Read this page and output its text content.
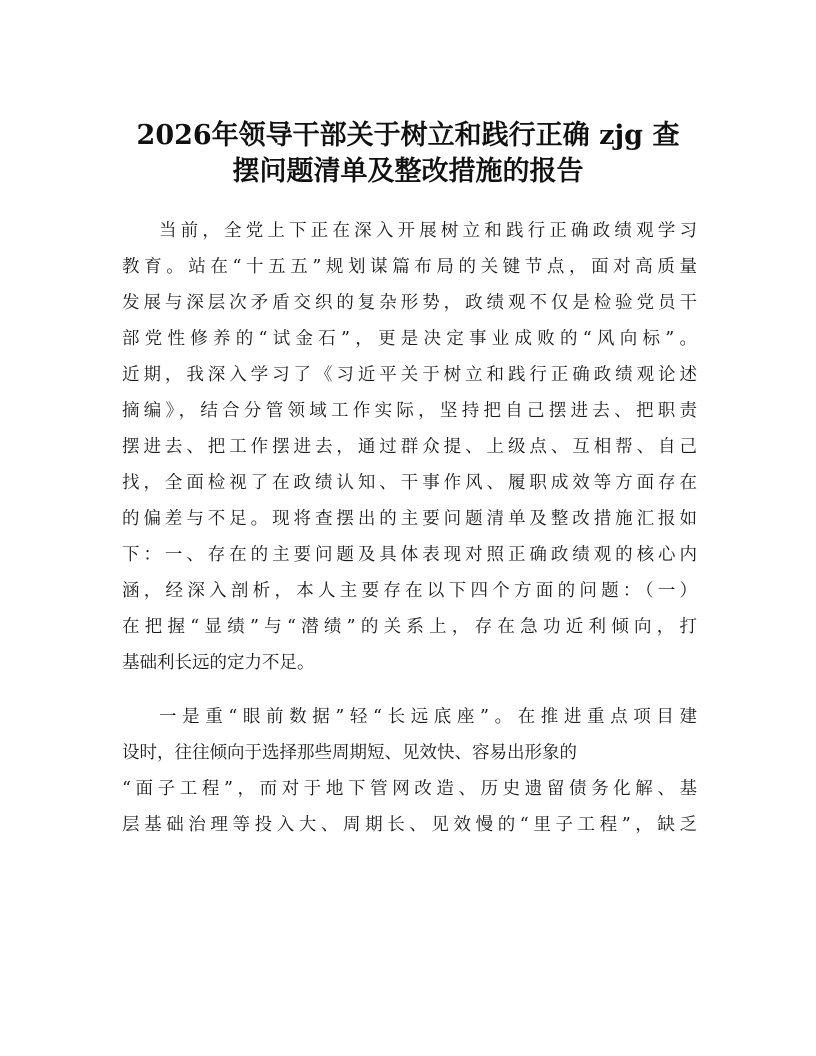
2026年领导干部关于树立和践行正确 zjg 查
摆问题清单及整改措施的报告
当前，全党上下正在深入开展树立和践行正确政绩观学习
教育。站在“十五五”规划谋篇布局的关键节点，面对高质量
发展与深层次矛盾交织的复杂形势，政绩观不仅是检验党员干
部党性修养的“试金石”，更是决定事业成败的“风向标”。
近期，我深入学习了《习近平关于树立和践行正确政绩观论述
摘编》，结合分管领域工作实际，坚持把自己摆进去、把职责
摆进去、把工作摆进去，通过群众提、上级点、互相帮、自己
找，全面检视了在政绩认知、干事作风、履职成效等方面存在
的偏差与不足。现将查摆出的主要问题清单及整改措施汇报如
下：一、存在的主要问题及具体表现对照正确政绩观的核心内
涵，经深入剖析，本人主要存在以下四个方面的问题：（一）
在把握“显绩”与“潜绩”的关系上，存在急功近利倾向，打
基础利长远的定力不足。
一是重“眼前数据”轻“长远底座”。在推进重点项目建
设时，往往倾向于选择那些周期短、见效快、容易出形象的
“面子工程”，而对于地下管网改造、历史遗留债务化解、基
层基础治理等投入大、周期长、见效慢的“里子工程”，缺乏
